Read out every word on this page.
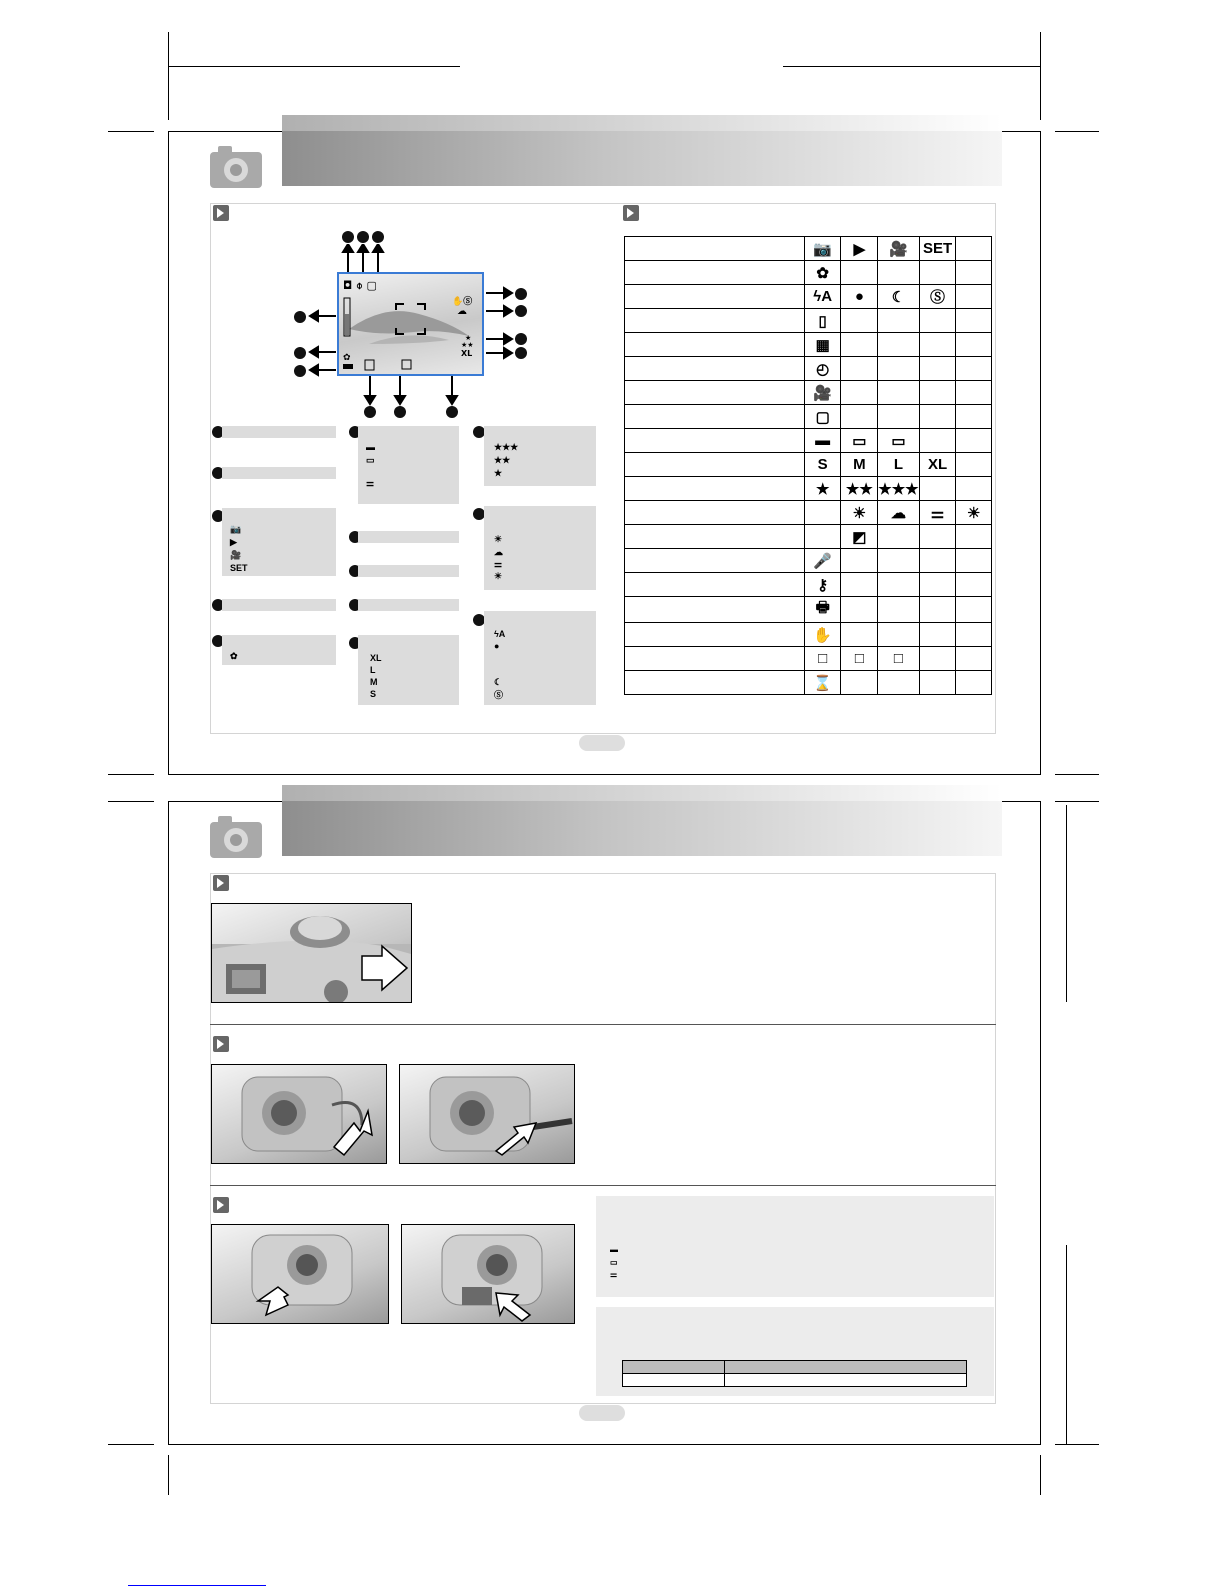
◘ ⌽ ▢
✋Ⓢ
☁
★
★★
XL
✿
📷
▶
🎥
SET
✿
▬
▭
⚌
XL
L
M
S
★★★
★★
★
☀
☁
⚌
☀
ϟA
●
☾
Ⓢ
	📷	▶	🎥	SET	
	✿				
	ϟA	●	☾	Ⓢ	
	▯				
	▦				
	◴				
	🎥				
	▢				
	▬	▭	▭		
	S	M	L	XL	
	★	★★	★★★		
		☀	☁	⚌	☀
		◩			
	🎤				
	⚷				
	🖶				
	✋				
	□	□	□		
	⌛				
▬
▭
⚌
